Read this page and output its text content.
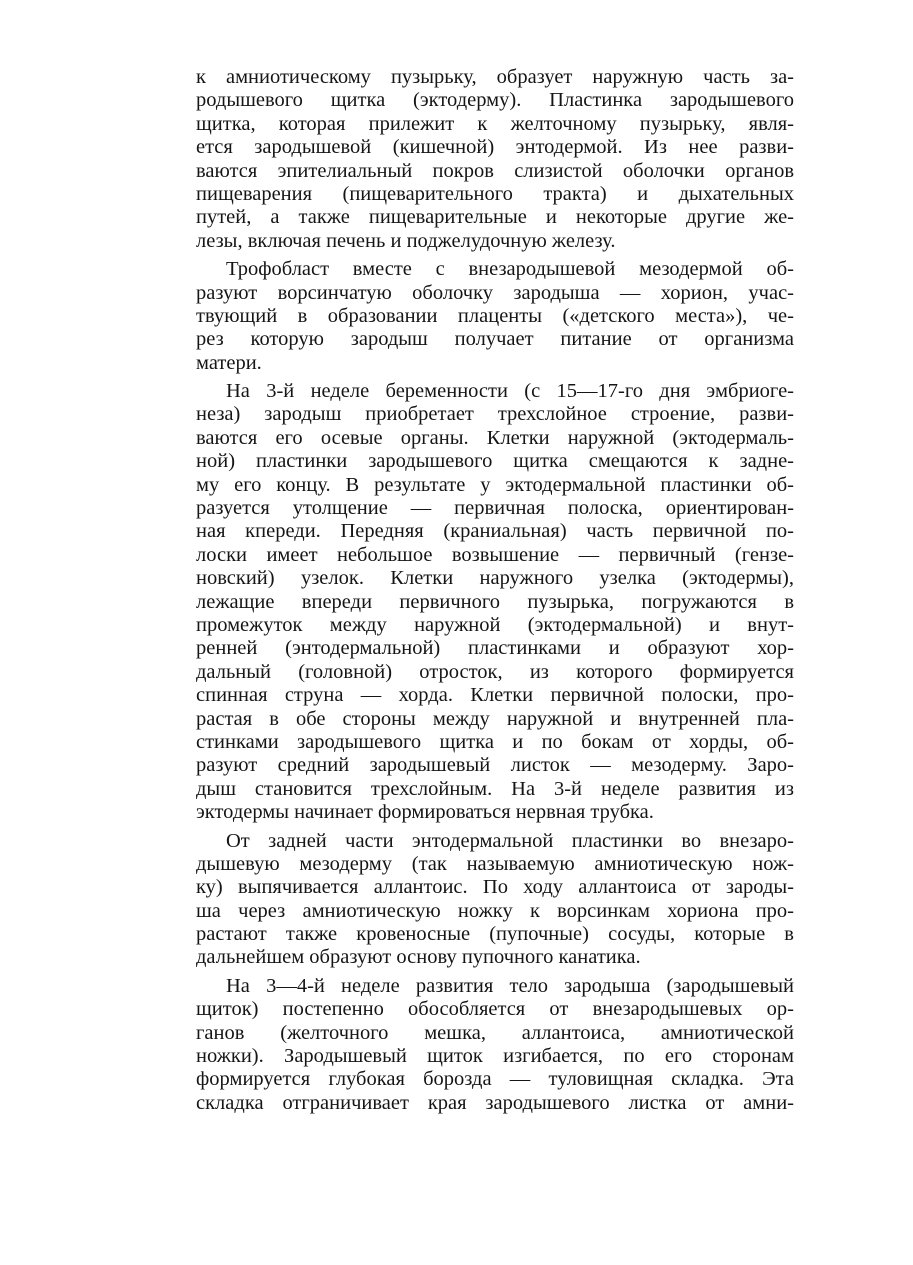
к амниотическому пузырьку, образует наружную часть за-
родышевого щитка (эктодерму). Пластинка зародышевого
щитка, которая прилежит к желточному пузырьку, явля-
ется зародышевой (кишечной) энтодермой. Из нее разви-
ваются эпителиальный покров слизистой оболочки органов
пищеварения (пищеварительного тракта) и дыхательных
путей, а также пищеварительные и некоторые другие же-
лезы, включая печень и поджелудочную железу.
Трофобласт вместе с внезародышевой мезодермой об-
разуют ворсинчатую оболочку зародыша — хорион, учас-
твующий в образовании плаценты («детского места»), че-
рез которую зародыш получает питание от организма
матери.
На 3-й неделе беременности (с 15—17-го дня эмбриоге-
неза) зародыш приобретает трехслойное строение, разви-
ваются его осевые органы. Клетки наружной (эктодермаль-
ной) пластинки зародышевого щитка смещаются к задне-
му его концу. В результате у эктодермальной пластинки об-
разуется утолщение — первичная полоска, ориентирован-
ная кпереди. Передняя (краниальная) часть первичной по-
лоски имеет небольшое возвышение — первичный (гензе-
новский) узелок. Клетки наружного узелка (эктодермы),
лежащие впереди первичного пузырька, погружаются в
промежуток между наружной (эктодермальной) и внут-
ренней (энтодермальной) пластинками и образуют хор-
дальный (головной) отросток, из которого формируется
спинная струна — хорда. Клетки первичной полоски, про-
растая в обе стороны между наружной и внутренней пла-
стинками зародышевого щитка и по бокам от хорды, об-
разуют средний зародышевый листок — мезодерму. Заро-
дыш становится трехслойным. На 3-й неделе развития из
эктодермы начинает формироваться нервная трубка.
От задней части энтодермальной пластинки во внезаро-
дышевую мезодерму (так называемую амниотическую нож-
ку) выпячивается аллантоис. По ходу аллантоиса от зароды-
ша через амниотическую ножку к ворсинкам хориона про-
растают также кровеносные (пупочные) сосуды, которые в
дальнейшем образуют основу пупочного канатика.
На 3—4-й неделе развития тело зародыша (зародышевый
щиток) постепенно обособляется от внезародышевых ор-
ганов (желточного мешка, аллантоиса, амниотической
ножки). Зародышевый щиток изгибается, по его сторонам
формируется глубокая борозда — туловищная складка. Эта
складка отграничивает края зародышевого листка от амни-
